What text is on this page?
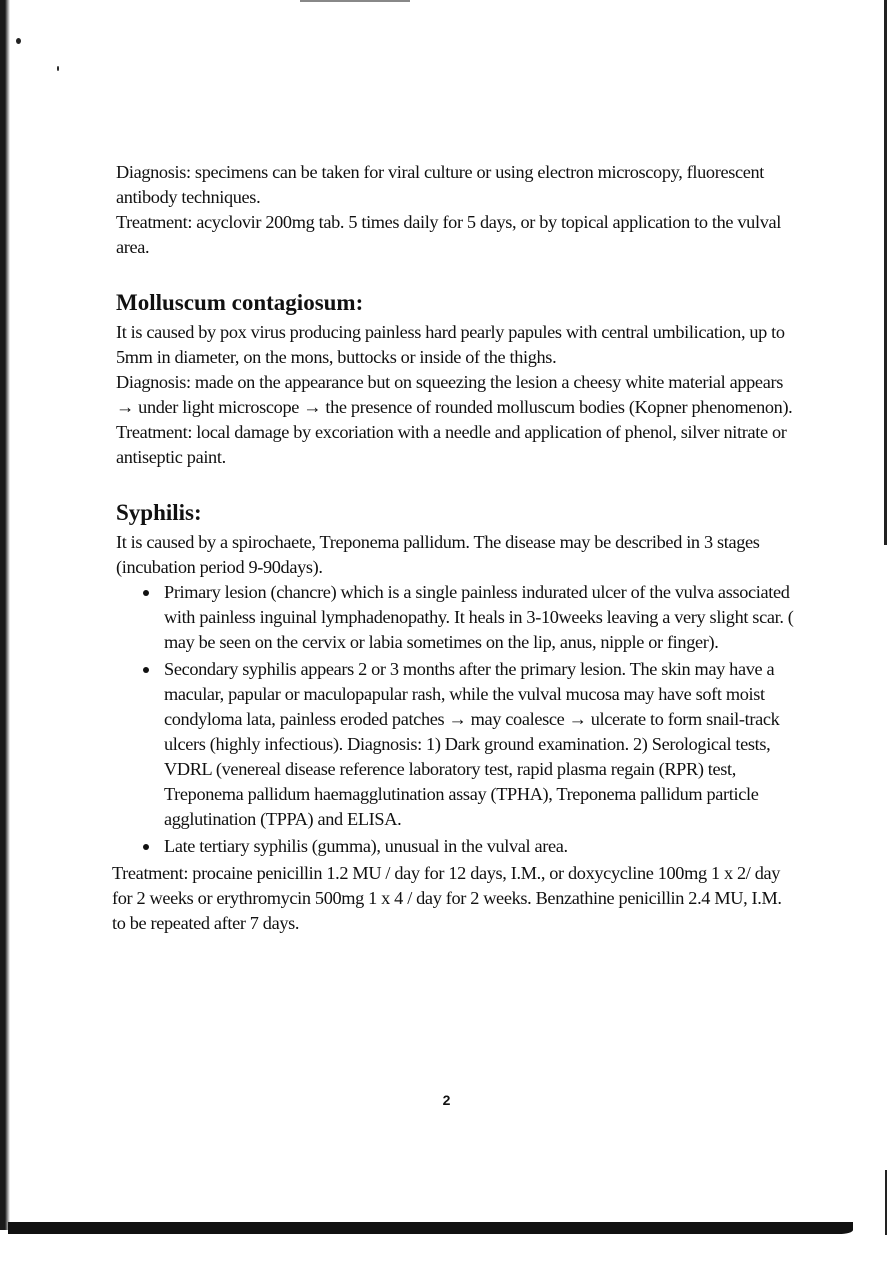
Diagnosis: specimens can be taken for viral culture or using electron microscopy, fluorescent antibody techniques.

Treatment: acyclovir 200mg tab. 5 times daily for 5 days, or by topical application to the vulval area.

Molluscum contagiosum:

It is caused by pox virus producing painless hard pearly papules with central umbilication, up to 5mm in diameter, on the mons, buttocks or inside of the thighs.

Diagnosis: made on the appearance but on squeezing the lesion a cheesy white material appears → under light microscope → the presence of rounded molluscum bodies (Kopner phenomenon).

Treatment: local damage by excoriation with a needle and application of phenol, silver nitrate or antiseptic paint.

Syphilis:

It is caused by a spirochaete, Treponema pallidum. The disease may be described in 3 stages (incubation period 9-90days).

Primary lesion (chancre) which is a single painless indurated ulcer of the vulva associated with painless inguinal lymphadenopathy. It heals in 3-10weeks leaving a very slight scar. ( may be seen on the cervix or labia sometimes on the lip, anus, nipple or finger).
Secondary syphilis appears 2 or 3 months after the primary lesion. The skin may have a macular, papular or maculopapular rash, while the vulval mucosa may have soft moist condyloma lata, painless eroded patches → may coalesce → ulcerate to form snail-track ulcers (highly infectious). Diagnosis: 1) Dark ground examination. 2) Serological tests, VDRL (venereal disease reference laboratory test, rapid plasma regain (RPR) test, Treponema pallidum haemagglutination assay (TPHA), Treponema pallidum particle agglutination (TPPA) and ELISA.
Late tertiary syphilis (gumma), unusual in the vulval area.

Treatment: procaine penicillin 1.2 MU / day for 12 days, I.M., or doxycycline 100mg 1 x 2/ day for 2 weeks or erythromycin 500mg 1 x 4 / day for 2 weeks. Benzathine penicillin 2.4 MU, I.M. to be repeated after 7 days.

2
